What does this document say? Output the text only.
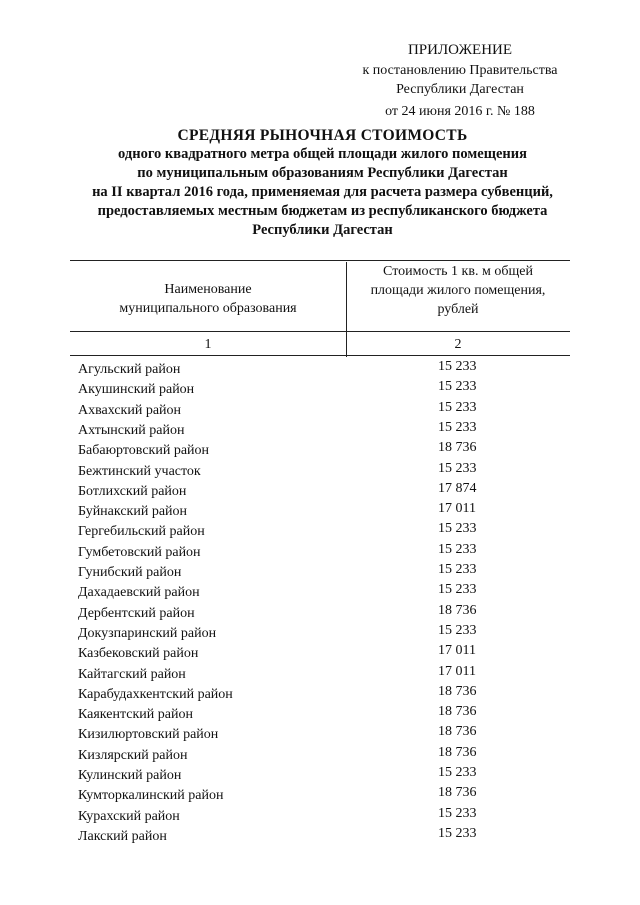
ПРИЛОЖЕНИЕ
к постановлению Правительства
Республики Дагестан
от 24 июня 2016 г. № 188
СРЕДНЯЯ РЫНОЧНАЯ СТОИМОСТЬ
одного квадратного метра общей площади жилого помещения
по муниципальным образованиям Республики Дагестан
на II квартал 2016 года, применяемая для расчета размера субвенций,
предоставляемых местным бюджетам из республиканского бюджета
Республики Дагестан
Наименование
муниципального образования
Стоимость 1 кв. м общей
площади жилого помещения,
рублей
1	2
Агульский район	15 233
Акушинский район	15 233
Ахвахский район	15 233
Ахтынский район	15 233
Бабаюртовский район	18 736
Бежтинский участок	15 233
Ботлихский район	17 874
Буйнакский район	17 011
Гергебильский район	15 233
Гумбетовский район	15 233
Гунибский район	15 233
Дахадаевский район	15 233
Дербентский район	18 736
Докузпаринский район	15 233
Казбековский район	17 011
Кайтагский район	17 011
Карабудахкентский район	18 736
Каякентский район	18 736
Кизилюртовский район	18 736
Кизлярский район	18 736
Кулинский район	15 233
Кумторкалинский район	18 736
Курахский район	15 233
Лакский район	15 233
